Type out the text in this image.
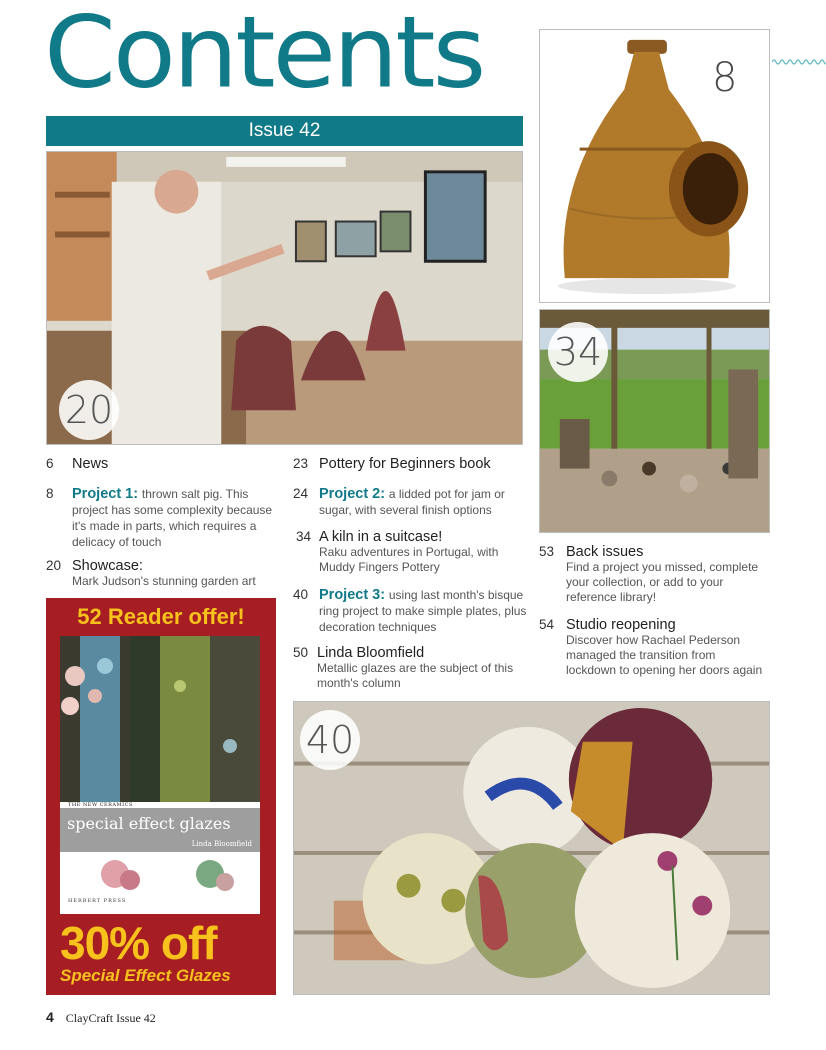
Contents
Issue 42
20
8
34
40
6 News
8	Project 1: thrown salt pig. This project has some complexity because it's made in parts, which requires a delicacy of touch
20 Showcase:
Mark Judson's stunning garden art
23 Pottery for Beginners book
24 Project 2: a lidded pot for jam or sugar, with several finish options
34 A kiln in a suitcase!
Raku adventures in Portugal, with Muddy Fingers Pottery
40 Project 3: using last month's bisque ring project to make simple plates, plus decoration techniques
50 Linda Bloomfield
Metallic glazes are the subject of this month's column
53 Back issues
Find a project you missed, complete your collection, or add to your reference library!
54 Studio reopening
Discover how Rachael Pederson managed the transition from lockdown to opening her doors again
52 Reader offer!
THE NEW CERAMICS
special effect glazes
Linda Bloomfield
HERBERT PRESS
30% off
Special Effect Glazes
4 ClayCraft Issue 42
